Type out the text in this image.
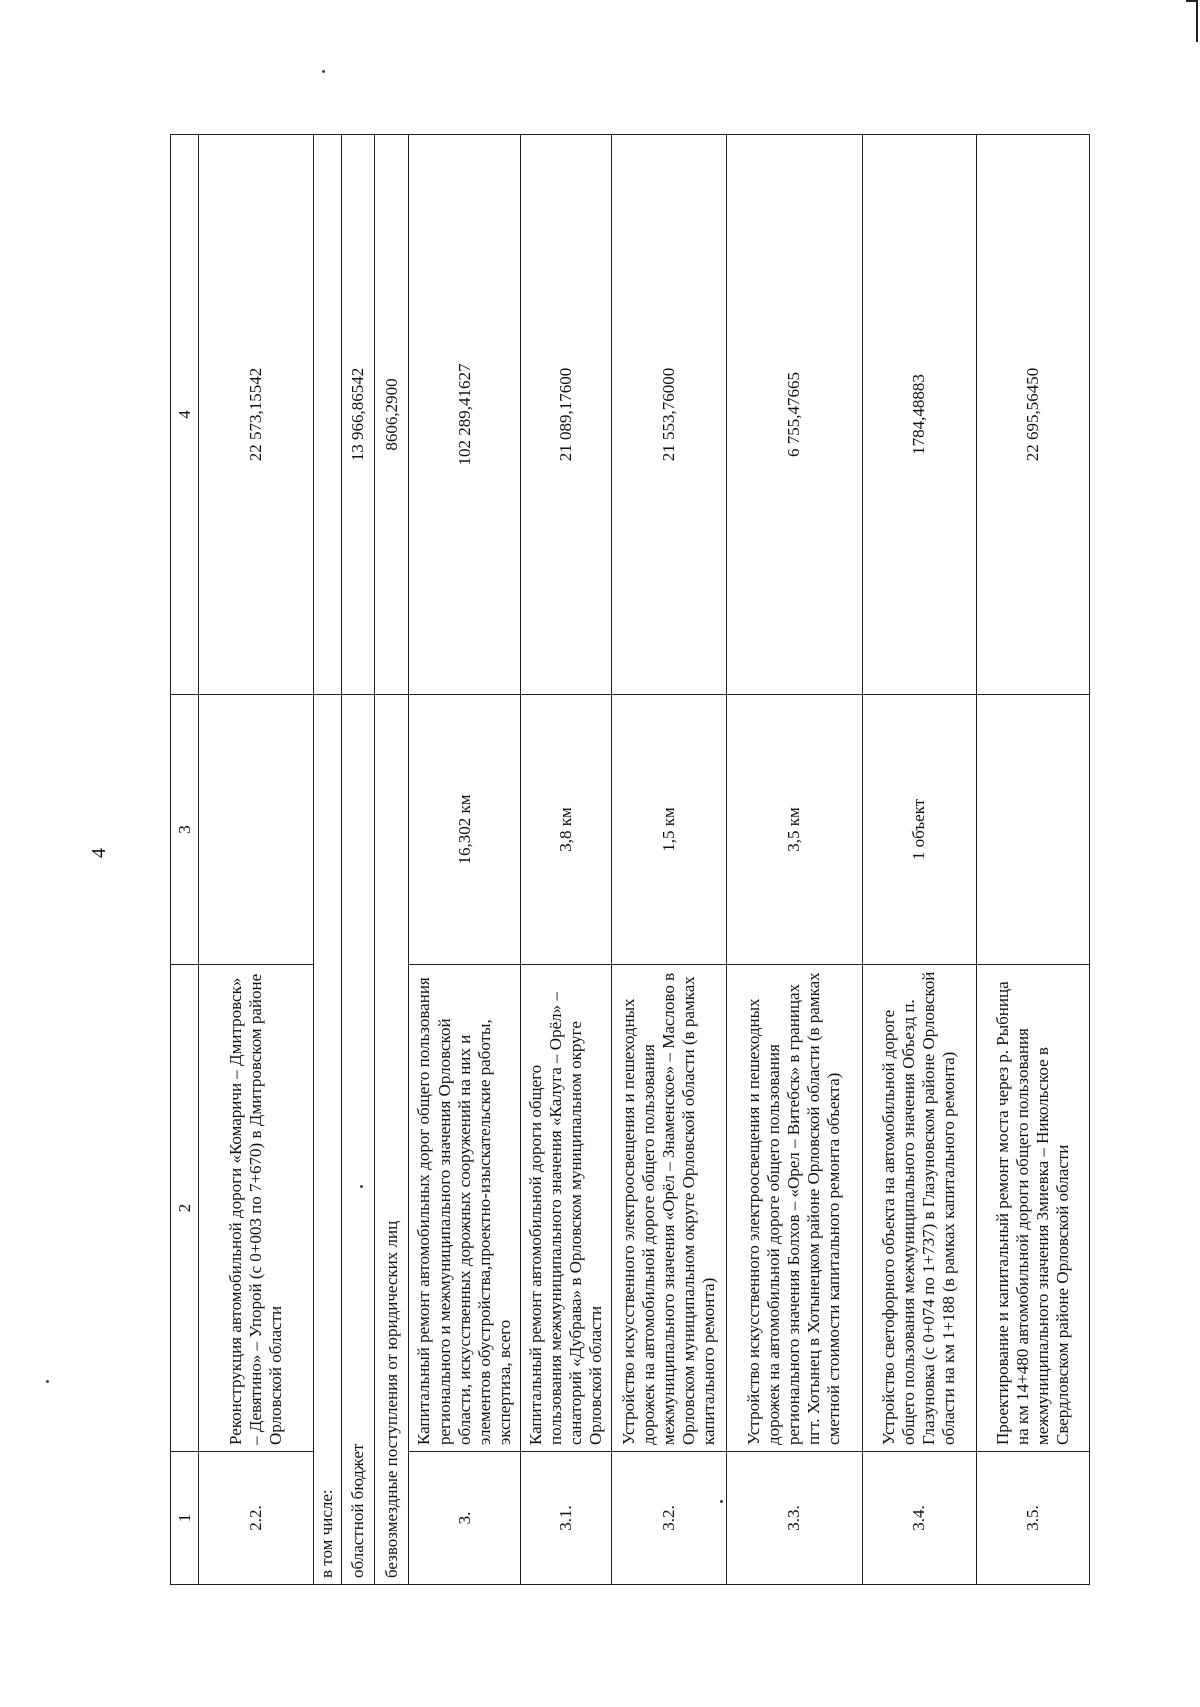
4
1	2	3	4
2.2.	Реконструкция автомобильной дороги «Комаричи – Дмитровск» – Девятино» – Упорой (с 0+003 по 7+670) в Дмитровском районе Орловской области		22 573,15542
в том числе:			
областной бюджет			13 966,86542
безвозмездные поступления от юридических лиц			8606,2900
3.	Капитальный ремонт автомобильных дорог общего пользования регионального и межмуниципального значения Орловской области, искусственных дорожных сооружений на них и элементов обустройства,проектно-изыскательские работы, экспертиза, всего	16,302 км	102 289,41627
3.1.	Капитальный ремонт автомобильной дороги общего пользования межмуниципального значения «Калуга – Орёл» – санаторий «Дубрава» в Орловском муниципальном округе Орловской области	3,8 км	21 089,17600
3.2.	Устройство искусственного электроосвещения и пешеходных дорожек на автомобильной дороге общего пользования межмуниципального значения «Орёл – Знаменское» – Маслово в Орловском муниципальном округе Орловской области (в рамках капитального ремонта)	1,5 км	21 553,76000
3.3.	Устройство искусственного электроосвещения и пешеходных дорожек на автомобильной дороге общего пользования регионального значения Болхов – «Орел – Витебск» в границах пгт. Хотынец в Хотынецком районе Орловской области (в рамках сметной стоимости капитального ремонта объекта)	3,5 км	6 755,47665
3.4.	Устройство светофорного объекта на автомобильной дороге общего пользования межмуниципального значения Объезд п. Глазуновка (с 0+074 по 1+737) в Глазуновском районе Орловской области на км 1+188 (в рамках капитального ремонта)	1 объект	1784,48883
3.5.	Проектирование и капитальный ремонт моста через р. Рыбница на км 14+480 автомобильной дороги общего пользования межмуниципального значения Змиевка – Никольское в Свердловском районе Орловской области		22 695,56450
